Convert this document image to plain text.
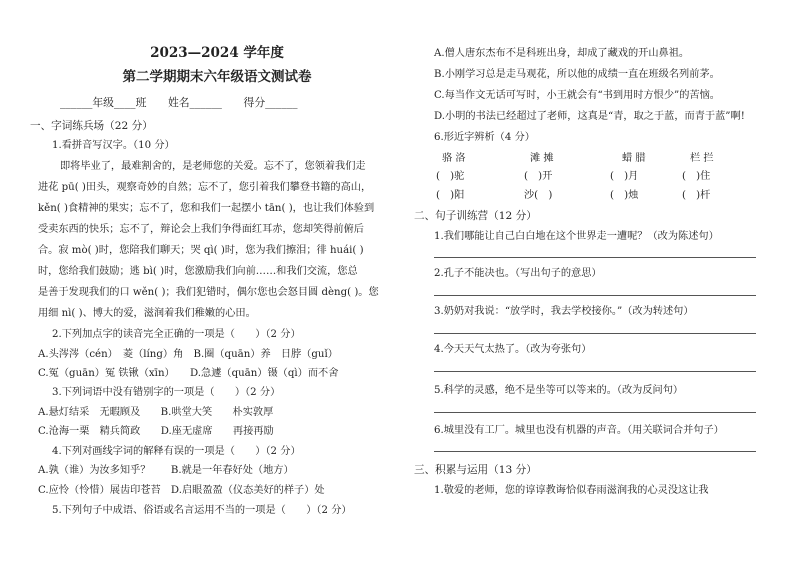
2023—2024 学年度
第二学期期末六年级语文测试卷
______年级____班　　姓名______　　得分______
一、字词练兵场（22 分）
1.看拼音写汉字。（10 分）
即将毕业了，最难割舍的，是老师您的关爱。忘不了，您领着我们走
进花 pū( )田头，观察奇妙的自然；忘不了，您引着我们攀登书籍的高山，
kěn( )食精神的果实；忘不了，您和我们一起摆小 tān( )，也让我们体验到
受卖东西的快乐；忘不了，辩论会上我们争得面红耳赤，您却笑得前俯后
合。寂 mò( )时，您陪我们聊天；哭 qì( )时，您为我们擦泪；徘 huái( )
时，您给我们鼓励；逃 bì( )时，您激励我们向前……和我们交流，您总
是善于发现我们的口 wěn( )；我们犯错时，偶尔您也会怒目圆 dèng( )。您
用细 nì( )、博大的爱，滋润着我们稚嫩的心田。
2.下列加点字的读音完全正确的一项是（　　）（2 分）
A.头涔涔（cén）　菱（líng）角　B.圈（quān）养　日脖（guǐ）
C.冤（guān）冤 铁锹（xīn）　　D.急遽（quān）镊（qì）而不舍
3.下列词语中没有错别字的一项是（　　）（2 分）
A.悬灯结采　无暇顾及　　B.哄堂大笑　　朴实敦厚
C.沧海一栗　精兵简政　　D.座无虚席　　再接再励
4.下列对画线字词的解释有误的一项是（　　）（2 分）
A.孰（谁）为汝多知乎？　　B.就是一年春好处（地方）
C.应怜（怜惜）展齿印苍苔　D.启眼盈盈（仪态美好的样子）处
5.下列句子中成语、俗语或名言运用不当的一项是（　　）（2 分）
A.僧人唐东杰布不是科班出身，却成了藏戏的开山鼻祖。
B.小刚学习总是走马观花，所以他的成绩一直在班级名列前茅。
C.每当作文无话可写时，小王就会有“书到用时方恨少”的苦恼。
D.小明的书法已经超过了老师，这真是“青，取之于蓝，而青于蓝”啊!
6.形近字辨析（4 分）
骆 洛	滩 摊	蜡 腊	栏 拦
(　)驼	(　)开	(　)月	(　)住
(　)阳	沙(　)	(　)烛	(　)杆
二、句子训练营（12 分）
1.我们哪能让自己白白地在这个世界走一遭呢？（改为陈述句）
2.孔子不能决也。（写出句子的意思）
3.奶奶对我说：“放学时，我去学校接你。”（改为转述句）
4.今天天气太热了。（改为夸张句）
5.科学的灵感，绝不是坐等可以等来的。（改为反问句）
6.城里没有工厂。城里也没有机器的声音。（用关联词合并句子）
三、积累与运用（13 分）
1.敬爱的老师，您的谆谆教诲恰似春雨滋润我的心灵没这让我
